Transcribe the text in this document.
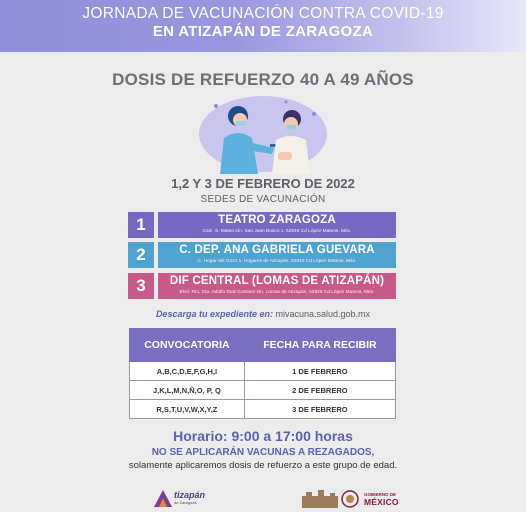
JORNADA DE VACUNACIÓN CONTRA COVID-19
EN ATIZAPÁN DE ZARAGOZA
DOSIS DE REFUERZO 40 A 49 AÑOS
1,2 Y 3 DE FEBRERO DE 2022
SEDES DE VACUNACIÓN
1	TEATRO ZARAGOZA
Calz. S. Mateo s/n, San Juan Bosco 1, 52946 Cd López Mateos, Méx.
2	C. DEP. ANA GABRIELA GUEVARA
C. Hogar del Gozo 1, Hogares de Atizapán, 52910 Cd López Mateos, Méx.
3	DIF CENTRAL (LOMAS DE ATIZAPÁN)
Blvd. Río, Cto. Adolfo Ruiz Cortinez s/n, Lomas de Atizapán, 52928 Cd López Mateos, Méx.
Descarga tu expediente en: mivacuna.salud.gob.mx
CONVOCATORIA	FECHA PARA RECIBIR
A,B,C,D,E,F,G,H,I	1 DE FEBRERO
J,K,L,M,N,Ñ,O, P, Q	2 DE FEBRERO
R,S,T,U,V,W,X,Y,Z	3 DE FEBRERO
Horario: 9:00 a 17:00 horas
NO SE APLICARÁN VACUNAS A REZAGADOS,
solamente aplicaremos dosis de refuerzo a este grupo de edad.
tizapán
de Zaragoza
GOBIERNO DE
MÉXICO
